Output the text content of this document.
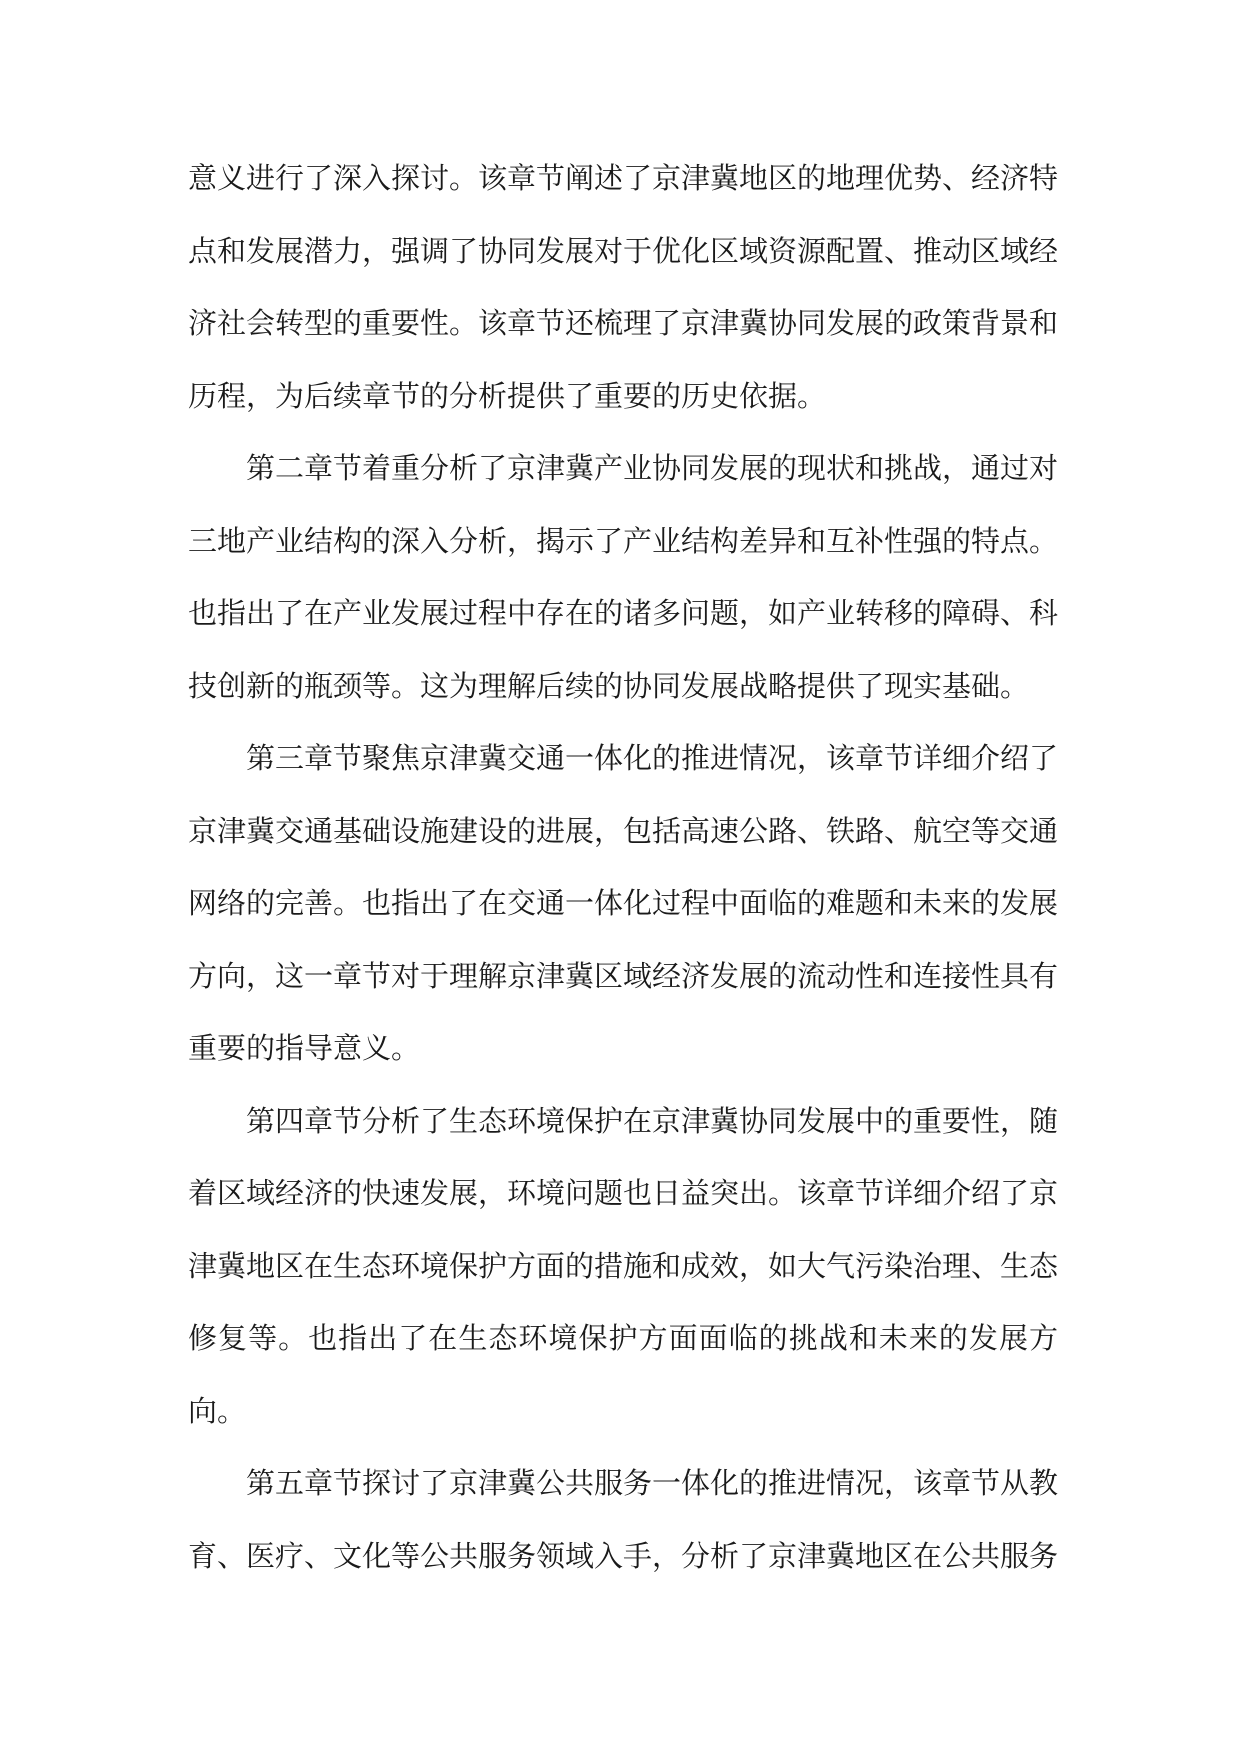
意义进行了深入探讨。该章节阐述了京津冀地区的地理优势、经济特点和发展潜力，强调了协同发展对于优化区域资源配置、推动区域经济社会转型的重要性。该章节还梳理了京津冀协同发展的政策背景和历程，为后续章节的分析提供了重要的历史依据。

第二章节着重分析了京津冀产业协同发展的现状和挑战，通过对三地产业结构的深入分析，揭示了产业结构差异和互补性强的特点。也指出了在产业发展过程中存在的诸多问题，如产业转移的障碍、科技创新的瓶颈等。这为理解后续的协同发展战略提供了现实基础。

第三章节聚焦京津冀交通一体化的推进情况，该章节详细介绍了京津冀交通基础设施建设的进展，包括高速公路、铁路、航空等交通网络的完善。也指出了在交通一体化过程中面临的难题和未来的发展方向，这一章节对于理解京津冀区域经济发展的流动性和连接性具有重要的指导意义。

第四章节分析了生态环境保护在京津冀协同发展中的重要性，随着区域经济的快速发展，环境问题也日益突出。该章节详细介绍了京津冀地区在生态环境保护方面的措施和成效，如大气污染治理、生态修复等。也指出了在生态环境保护方面面临的挑战和未来的发展方向。

第五章节探讨了京津冀公共服务一体化的推进情况，该章节从教育、医疗、文化等公共服务领域入手，分析了京津冀地区在公共服务
